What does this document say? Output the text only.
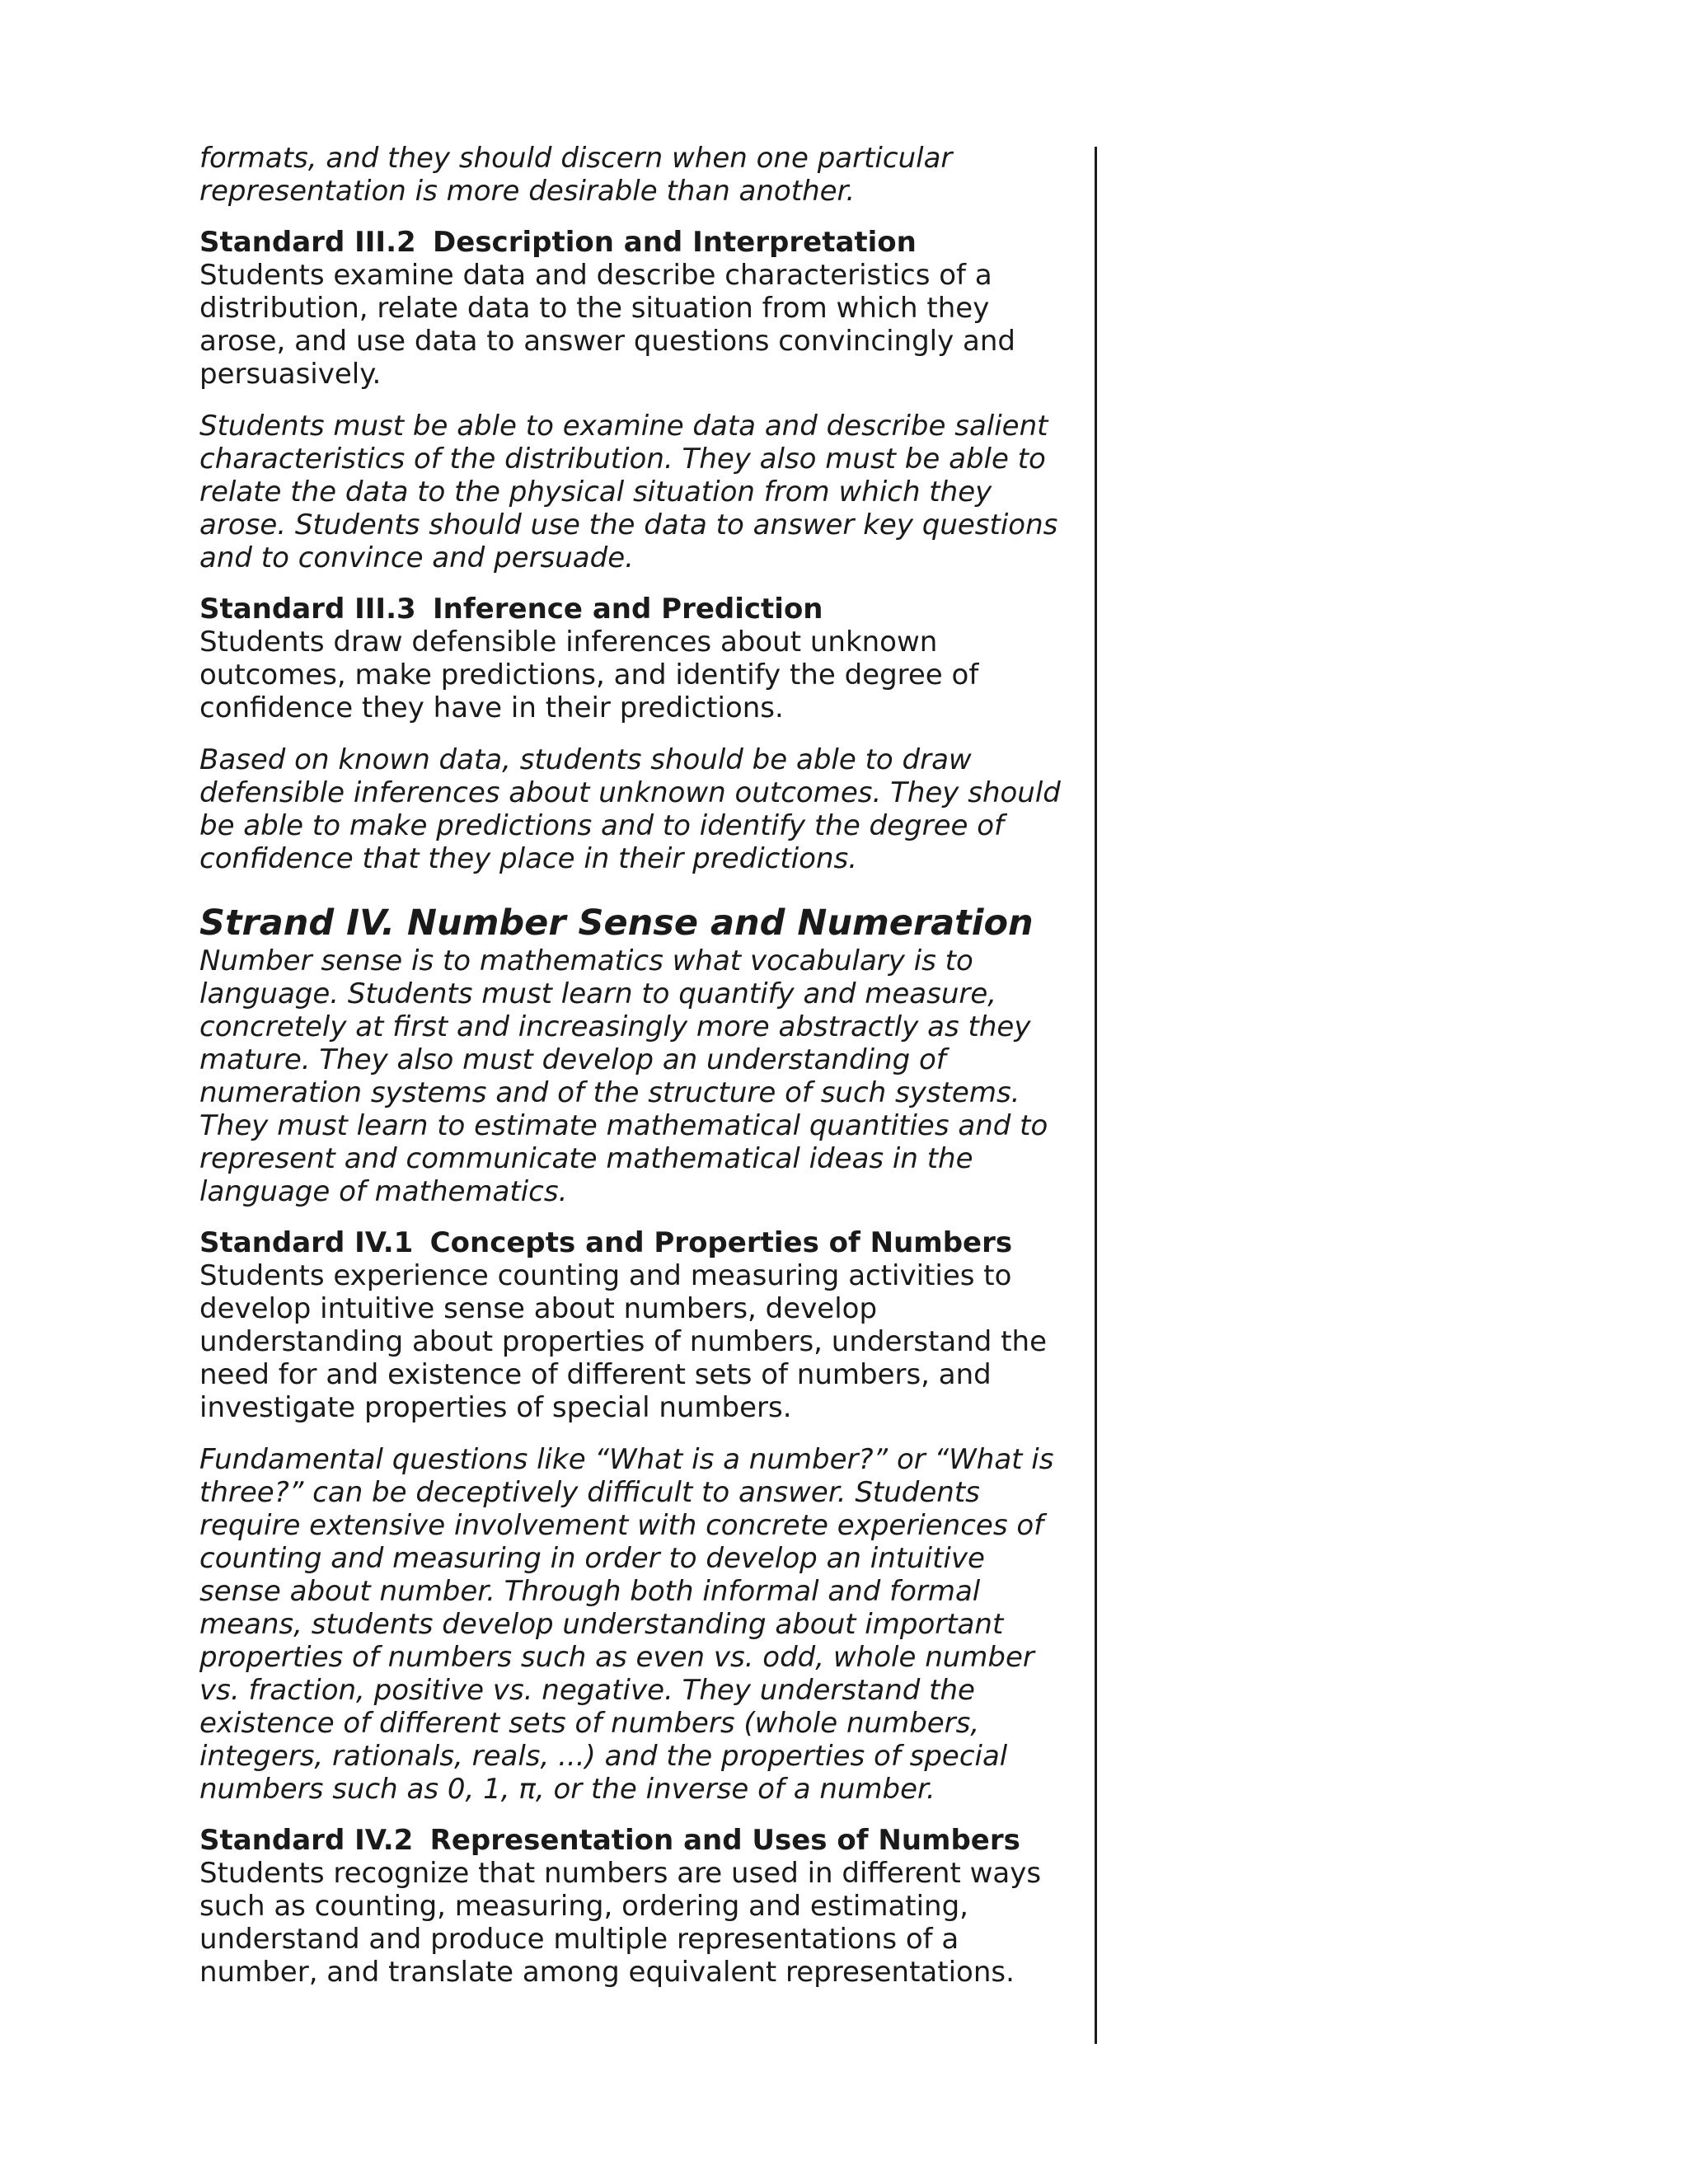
formats, and they should discern when one particular representation is more desirable than another.

Standard III.2 Description and Interpretation

Students examine data and describe characteristics of a distribution, relate data to the situation from which they arose, and use data to answer questions convincingly and persuasively.

Students must be able to examine data and describe salient characteristics of the distribution. They also must be able to relate the data to the physical situation from which they arose. Students should use the data to answer key questions and to convince and persuade.

Standard III.3 Inference and Prediction

Students draw defensible inferences about unknown outcomes, make predictions, and identify the degree of confidence they have in their predictions.

Based on known data, students should be able to draw defensible inferences about unknown outcomes. They should be able to make predictions and to identify the degree of confidence that they place in their predictions.

Strand IV. Number Sense and Numeration

Number sense is to mathematics what vocabulary is to language. Students must learn to quantify and measure, concretely at first and increasingly more abstractly as they mature. They also must develop an understanding of numeration systems and of the structure of such systems. They must learn to estimate mathematical quantities and to represent and communicate mathematical ideas in the language of mathematics.

Standard IV.1 Concepts and Properties of Numbers

Students experience counting and measuring activities to develop intuitive sense about numbers, develop understanding about properties of numbers, understand the need for and existence of different sets of numbers, and investigate properties of special numbers.

Fundamental questions like “What is a number?” or “What is three?” can be deceptively difficult to answer. Students require extensive involvement with concrete experiences of counting and measuring in order to develop an intuitive sense about number. Through both informal and formal means, students develop understanding about important properties of numbers such as even vs. odd, whole number vs. fraction, positive vs. negative. They understand the existence of different sets of numbers (whole numbers, integers, rationals, reals, ...) and the properties of special numbers such as 0, 1, π, or the inverse of a number.

Standard IV.2 Representation and Uses of Numbers

Students recognize that numbers are used in different ways such as counting, measuring, ordering and estimating, understand and produce multiple representations of a number, and translate among equivalent representations.
